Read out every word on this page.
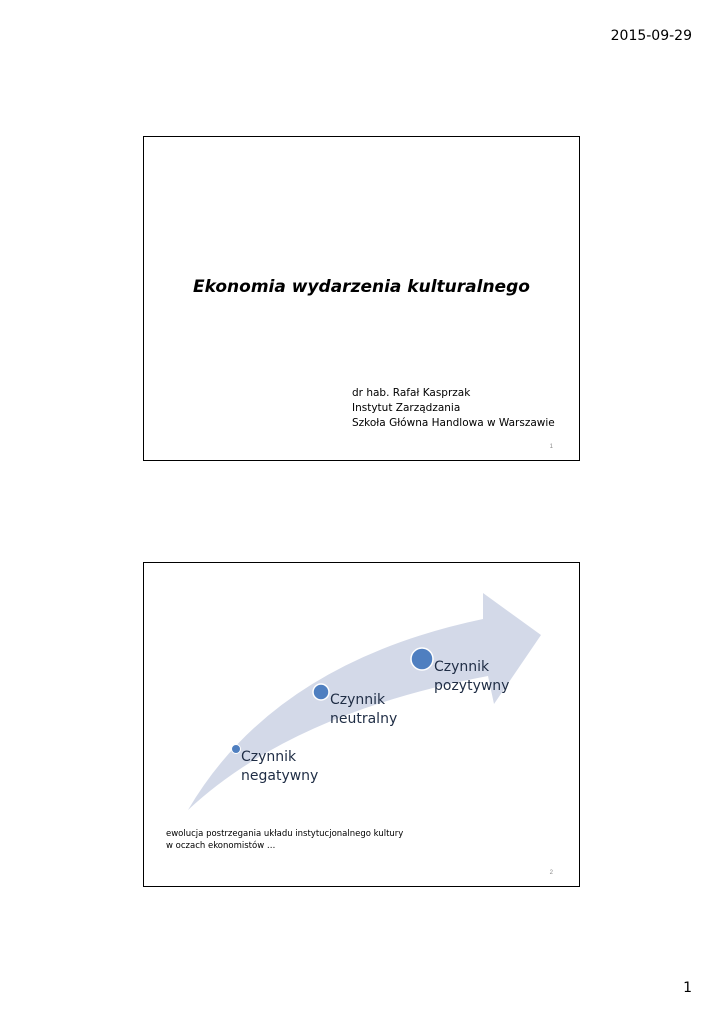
2015-09-29
Ekonomia wydarzenia kulturalnego
dr hab. Rafał Kasprzak
Instytut Zarządzania
Szkoła Główna Handlowa w Warszawie
1
Czynnik
negatywny
Czynnik
neutralny
Czynnik
pozytywny
ewolucja postrzegania układu instytucjonalnego kultury
w oczach ekonomistów …
2
1
